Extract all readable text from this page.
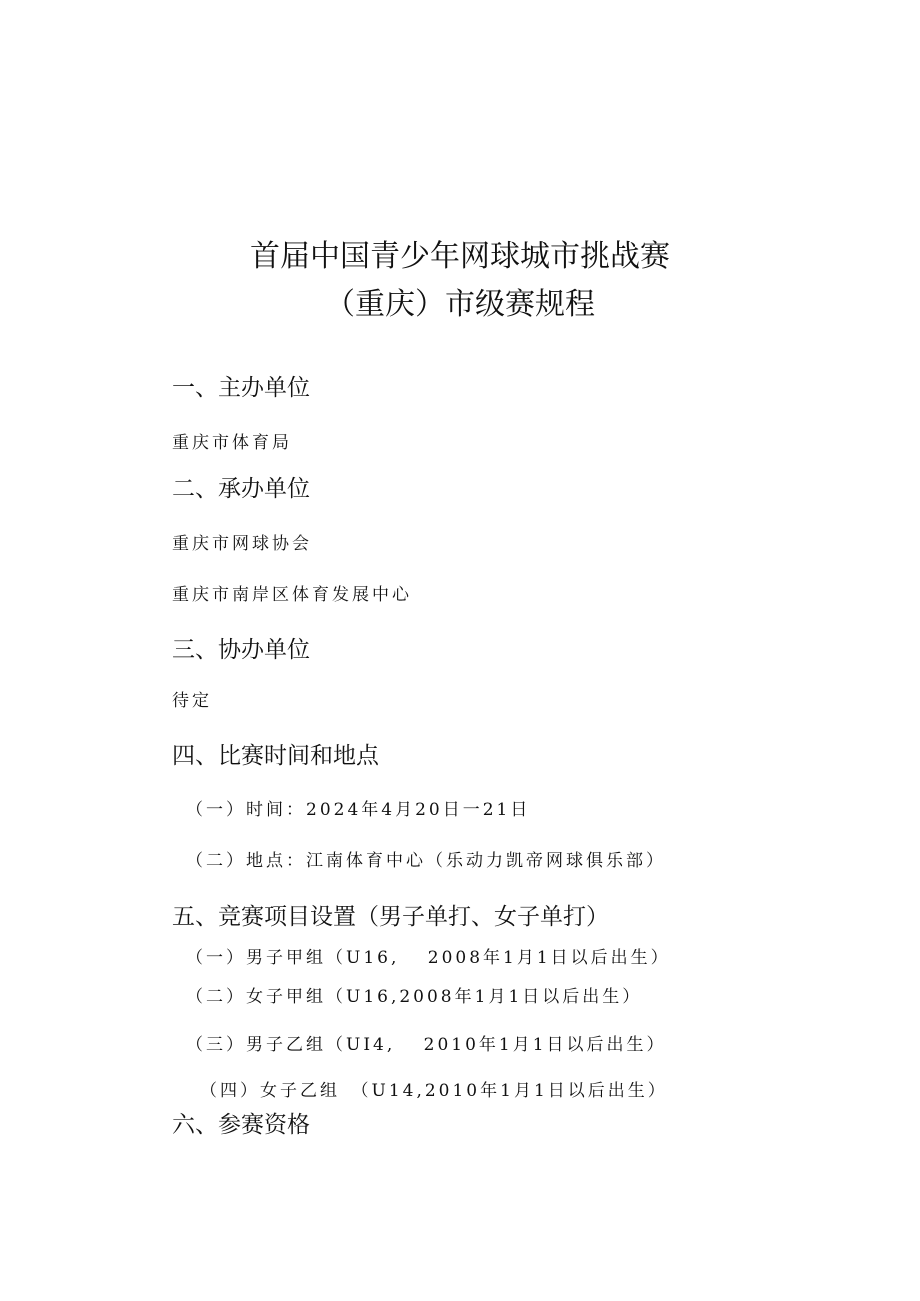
首届中国青少年网球城市挑战赛
（重庆）市级赛规程
一、主办单位
重庆市体育局
二、承办单位
重庆市网球协会
重庆市南岸区体育发展中心
三、协办单位
待定
四、比赛时间和地点
（一）时间：2024年4月20日一21日
（二）地点：江南体育中心（乐动力凯帝网球俱乐部）
五、竞赛项目设置（男子单打、女子单打）
（一）男子甲组（U16,　 2008年1月1日以后出生）
（二）女子甲组（U16,2008年1月1日以后出生）
（三）男子乙组（UI4,　 2010年1月1日以后出生）
（四）女子乙组　（U14,2010年1月1日以后出生）
六、参赛资格
